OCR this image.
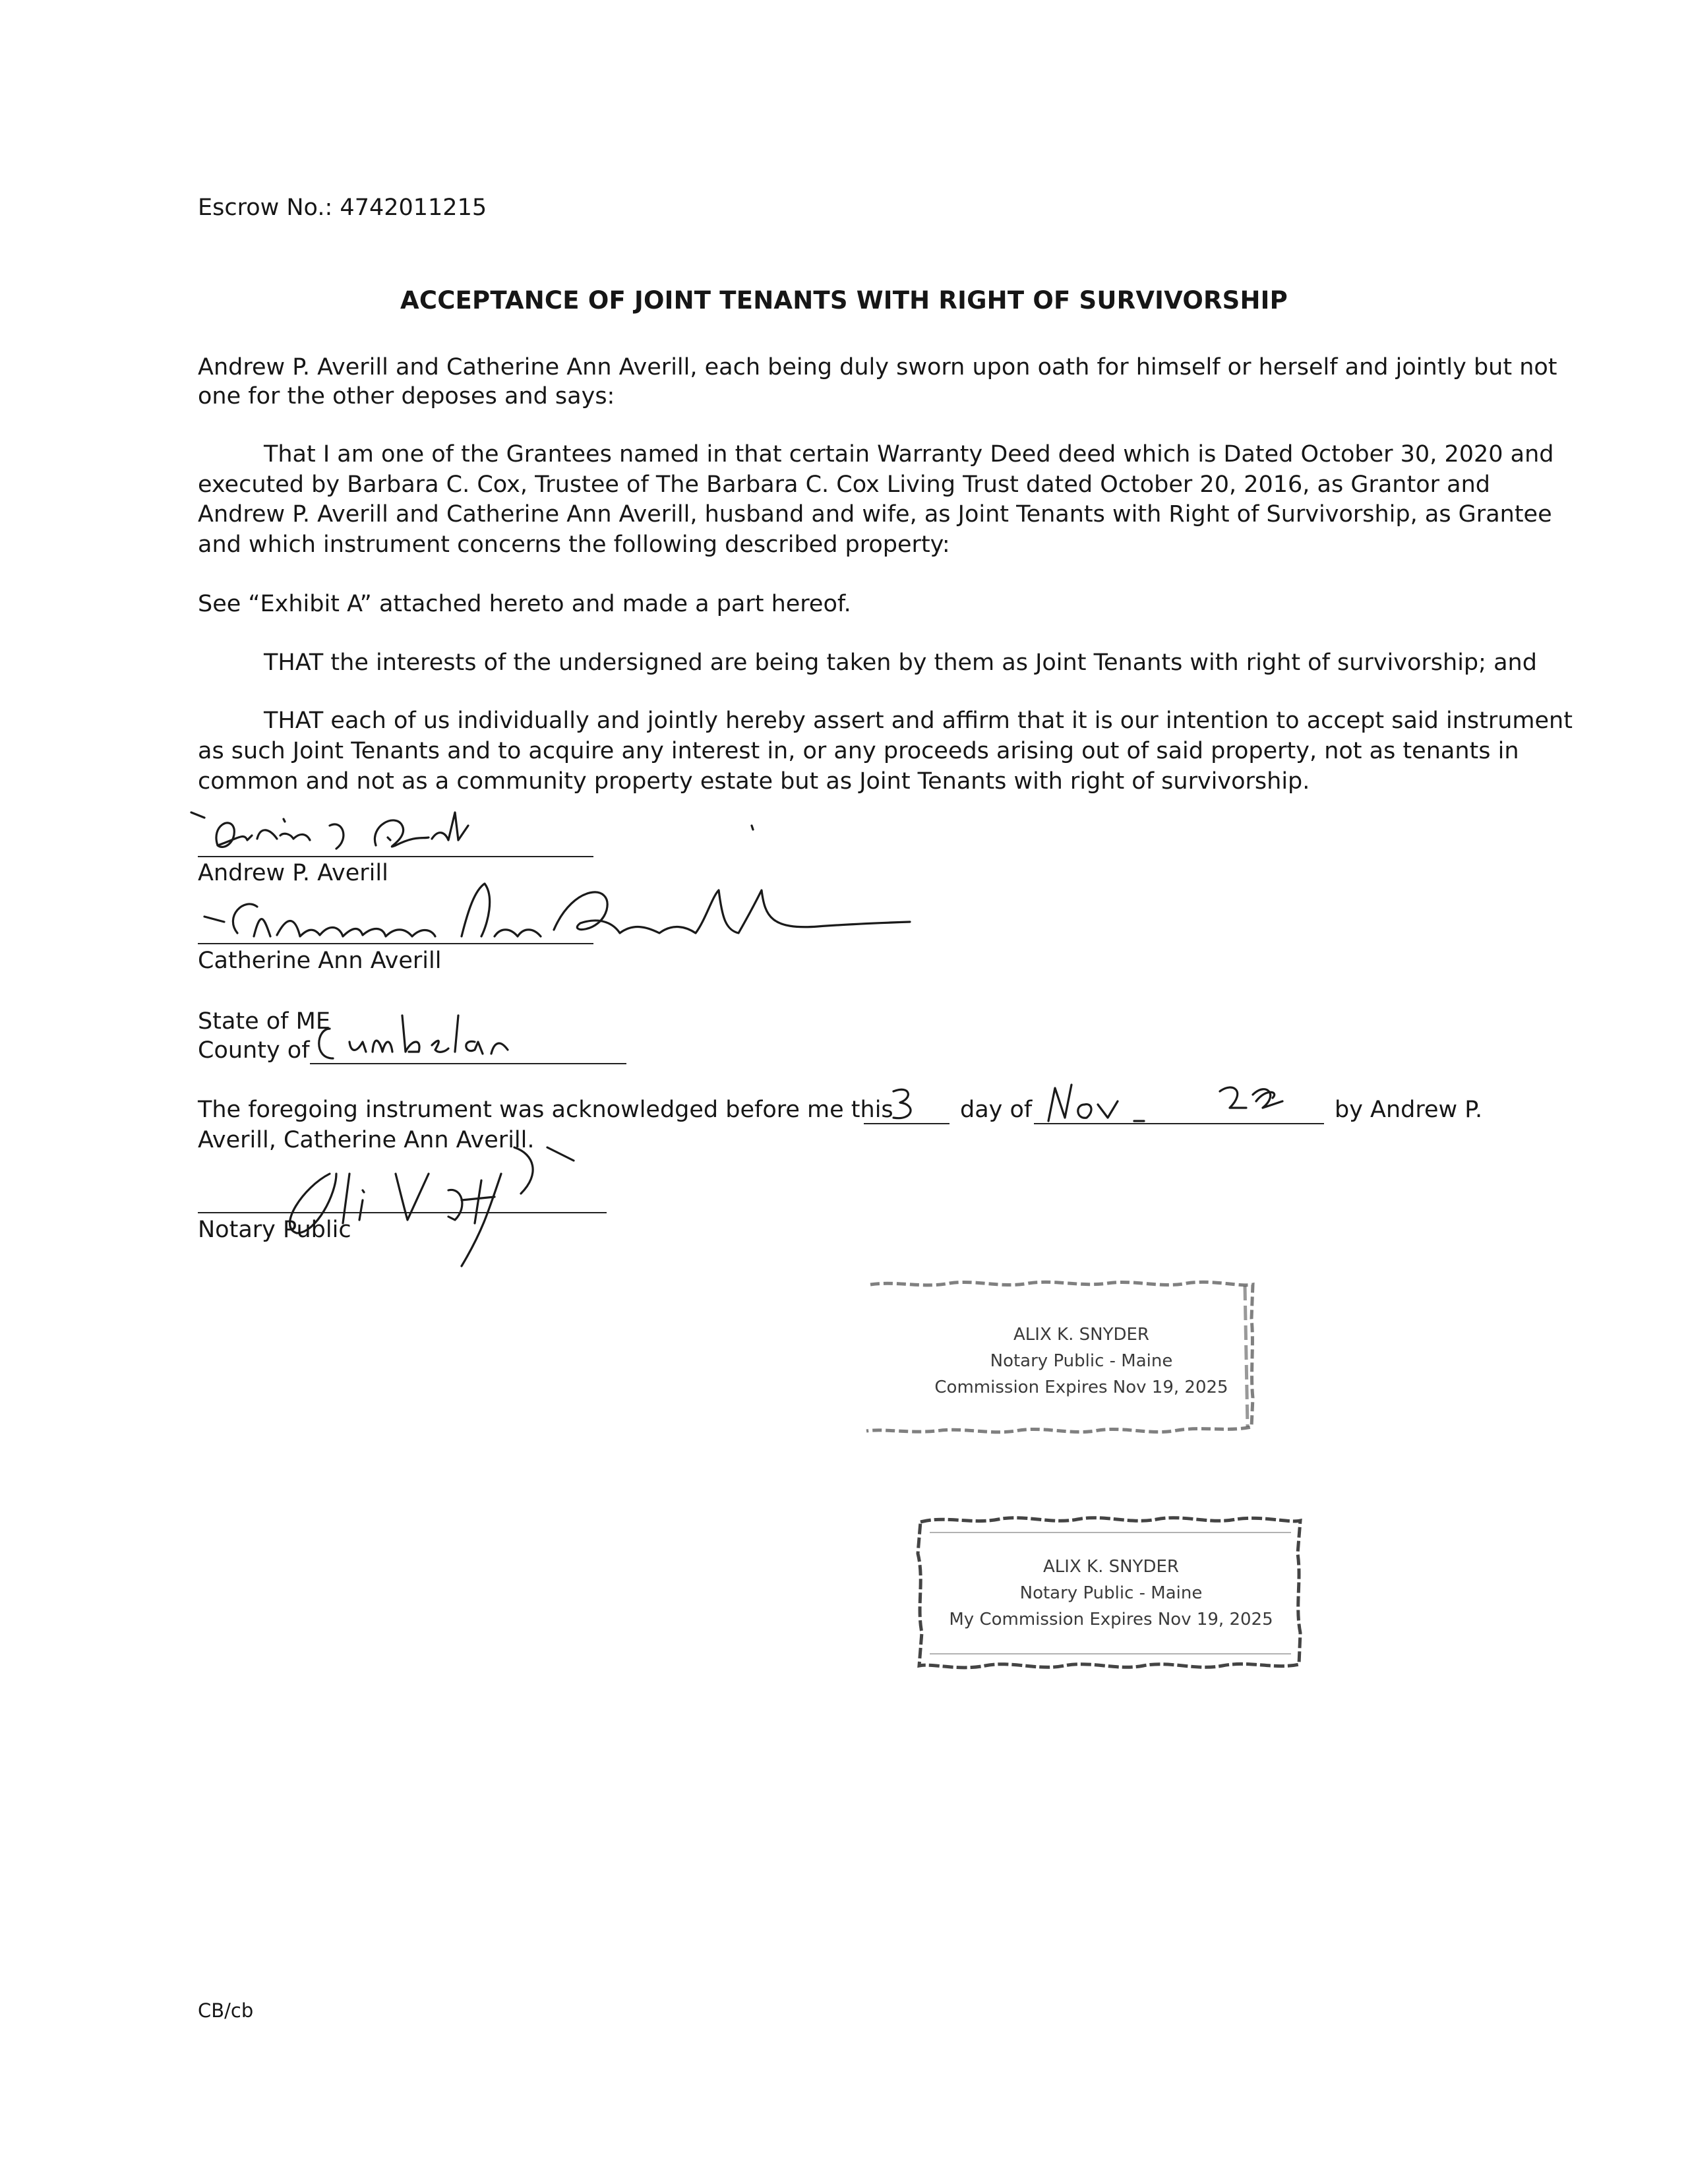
Escrow No.: 4742011215
ACCEPTANCE OF JOINT TENANTS WITH RIGHT OF SURVIVORSHIP
Andrew P. Averill and Catherine Ann Averill, each being duly sworn upon oath for himself or herself and jointly but not
one for the other deposes and says:
That I am one of the Grantees named in that certain Warranty Deed deed which is Dated October 30, 2020 and
executed by Barbara C. Cox, Trustee of The Barbara C. Cox Living Trust dated October 20, 2016, as Grantor and
Andrew P. Averill and Catherine Ann Averill, husband and wife, as Joint Tenants with Right of Survivorship, as Grantee
and which instrument concerns the following described property:
See “Exhibit A” attached hereto and made a part hereof.
THAT the interests of the undersigned are being taken by them as Joint Tenants with right of survivorship; and
THAT each of us individually and jointly hereby assert and affirm that it is our intention to accept said instrument
as such Joint Tenants and to acquire any interest in, or any proceeds arising out of said property, not as tenants in
common and not as a community property estate but as Joint Tenants with right of survivorship.
Andrew P. Averill
Catherine Ann Averill
State of ME
County of
The foregoing instrument was acknowledged before me this	day of	by Andrew P.
Averill, Catherine Ann Averill.
Notary Public
ALIX K. SNYDER
Notary Public - Maine
Commission Expires Nov 19, 2025
ALIX K. SNYDER
Notary Public - Maine
My Commission Expires Nov 19, 2025
CB/cb
